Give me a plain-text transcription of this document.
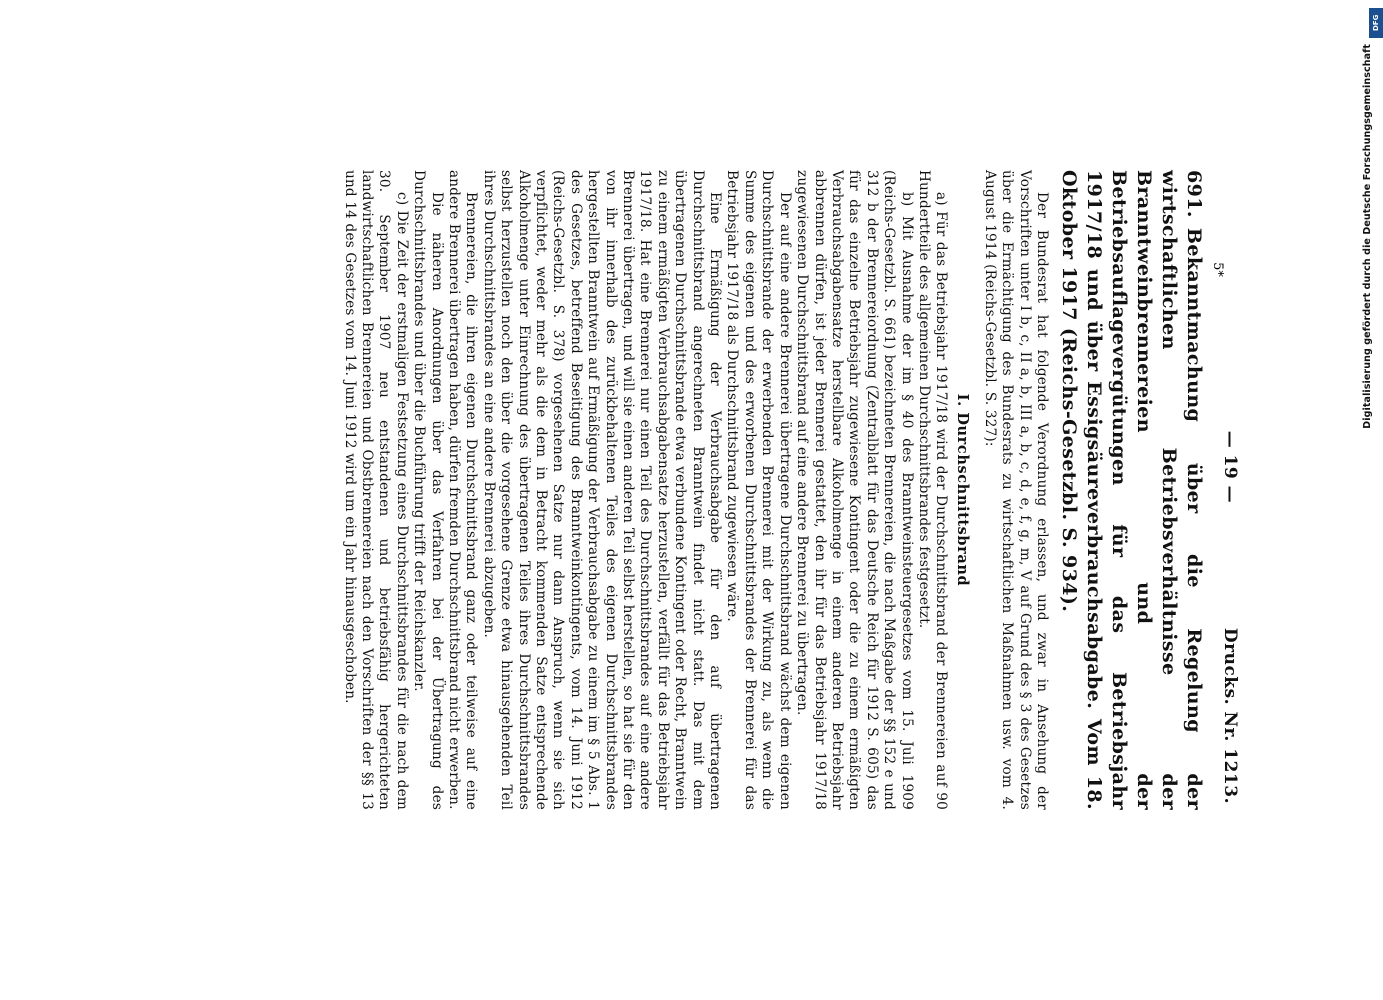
— 19 —
Drucks. Nr. 1213.
691.Bekanntmachung über die Regelung der wirtschaftlichen Betriebsverhältnisse der Branntweinbrennereien und der Betriebsauflagevergütungen für das Betriebsjahr 1917/18 und über Essigsäureverbrauchsabgabe. Vom 18. Oktober 1917 (Reichs-Gesetzbl. S. 934).

Der Bundesrat hat folgende Verordnung erlassen, und zwar in Ansehung der Vorschriften unter I b, c, II a, b, III a, b, c, d, e, f, g, m, V auf Grund des § 3 des Gesetzes über die Ermächtigung des Bundesrats zu wirtschaftlichen Maßnahmen usw. vom 4. August 1914 (Reichs-Gesetzbl. S. 327):

I. Durchschnittsbrand

a) Für das Betriebsjahr 1917/18 wird der Durchschnittsbrand der Brennereien auf 90 Hundertteile des allgemeinen Durchschnittsbrandes festgesetzt.

b) Mit Ausnahme der im § 40 des Branntweinsteuergesetzes vom 15. Juli 1909 (Reichs-Gesetzbl. S. 661) bezeichneten Brennereien, die nach Maßgabe der §§ 152 e und 312 b der Brennereiordnung (Zentralblatt für das Deutsche Reich für 1912 S. 605) das für das einzelne Betriebsjahr zugewiesene Kontingent oder die zu einem ermäßigten Verbrauchsabgabensatze herstellbare Alkoholmenge in einem anderen Betriebsjahr abbrennen dürfen, ist jeder Brennerei gestattet, den ihr für das Betriebsjahr 1917/18 zugewiesenen Durchschnittsbrand auf eine andere Brennerei zu übertragen.

Der auf eine andere Brennerei übertragene Durchschnittsbrand wächst dem eigenen Durchschnittsbrande der erwerbenden Brennerei mit der Wirkung zu, als wenn die Summe des eigenen und des erworbenen Durchschnittsbrandes der Brennerei für das Betriebsjahr 1917/18 als Durchschnittsbrand zugewiesen wäre.

Eine Ermäßigung der Verbrauchsabgabe für den auf übertragenen Durchschnittsbrand angerechneten Branntwein findet nicht statt. Das mit dem übertragenen Durchschnittsbrande etwa verbundene Kontingent oder Recht, Branntwein zu einem ermäßigten Verbrauchsabgabensatze herzustellen, verfällt für das Betriebsjahr 1917/18. Hat eine Brennerei nur einen Teil des Durchschnittsbrandes auf eine andere Brennerei übertragen, und will sie einen anderen Teil selbst herstellen, so hat sie für den von ihr innerhalb des zurückbehaltenen Teiles des eigenen Durchschnittsbrandes hergestellten Branntwein auf Ermäßigung der Verbrauchsabgabe zu einem im § 5 Abs. 1 des Gesetzes, betreffend Beseitigung des Branntweinkontingents, vom 14. Juni 1912 (Reichs-Gesetzbl. S. 378) vorgesehenen Satze nur dann Anspruch, wenn sie sich verpflichtet, weder mehr als die dem in Betracht kommenden Satze entsprechende Alkoholmenge unter Einrechnung des übertragenen Teiles ihres Durchschnittsbrandes selbst herzustellen noch den über die vorgesehene Grenze etwa hinausgehenden Teil ihres Durchschnittsbrandes an eine andere Brennerei abzugeben.

Brennereien, die ihren eigenen Durchschnittsbrand ganz oder teilweise auf eine andere Brennerei übertragen haben, dürfen fremden Durchschnittsbrand nicht erwerben.

Die näheren Anordnungen über das Verfahren bei der Übertragung des Durchschnittsbrandes und über die Buchführung trifft der Reichskanzler.

c) Die Zeit der erstmaligen Festsetzung eines Durchschnittsbrandes für die nach dem 30. September 1907 neu entstandenen und betriebsfähig hergerichteten landwirtschaftlichen Brennereien und Obstbrennereien nach den Vorschriften der §§ 13 und 14 des Gesetzes vom 14. Juni 1912 wird um ein Jahr hinausgeschoben.	5*
DFG
Digitalisierung gefördert durch die Deutsche Forschungsgemeinschaft
